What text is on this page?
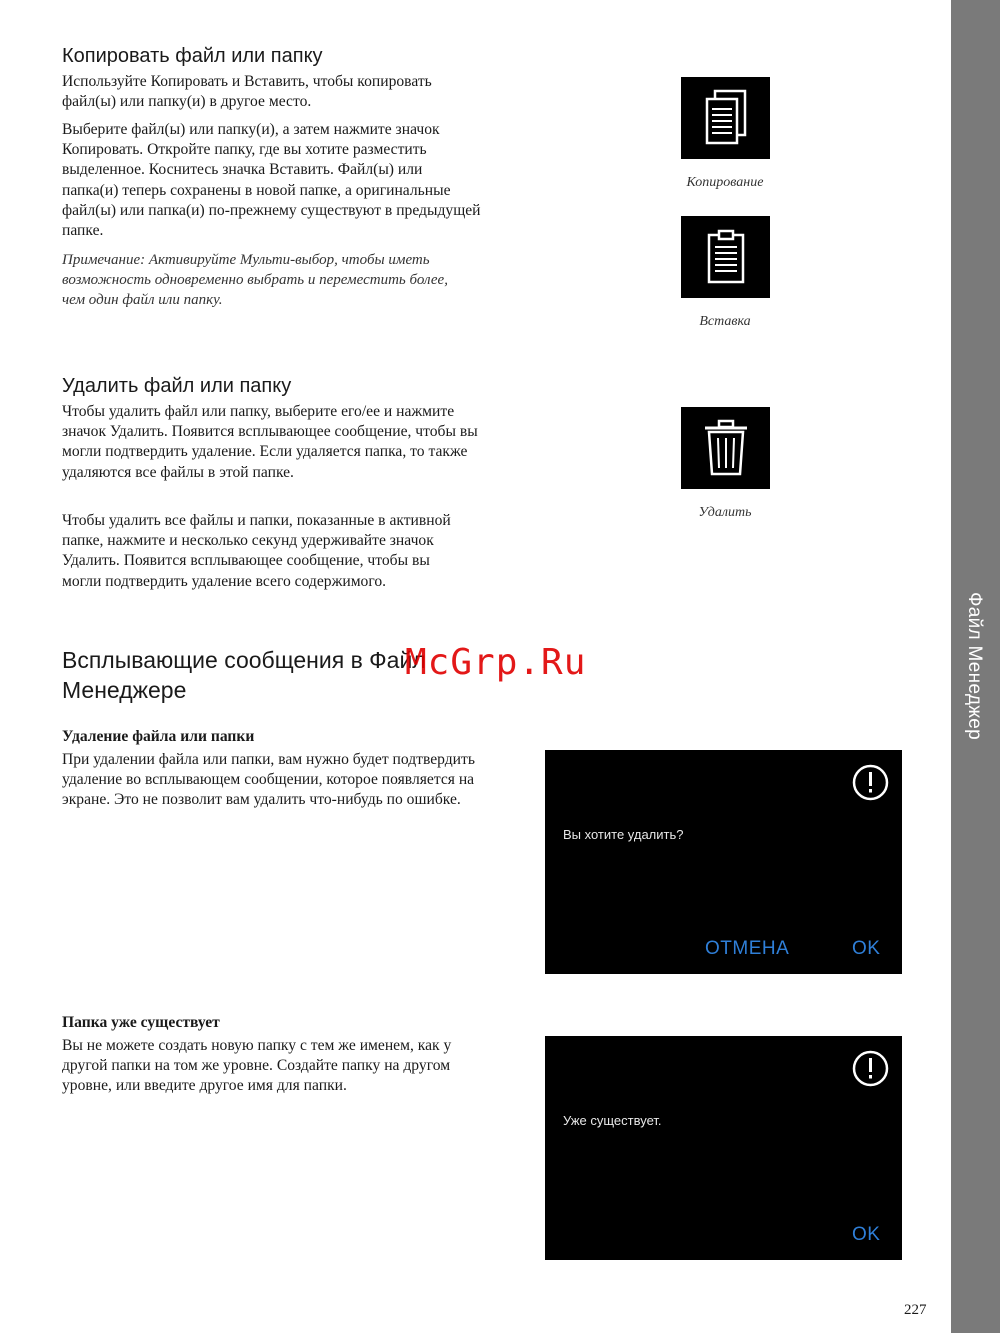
Файл Менеджер
Копировать файл или папку

Используйте Копировать и Вставить, чтобы копировать файл(ы) или папку(и) в другое место.

Выберите файл(ы) или папку(и), а затем нажмите значок Копировать. Откройте папку, где вы хотите разместить выделенное. Коснитесь значка Вставить. Файл(ы) или папка(и) теперь сохранены в новой папке, а оригинальные файл(ы) или папка(и) по-прежнему существуют в предыдущей папке.

Примечание: Активируйте Мульти-выбор, чтобы иметь возможность одновременно выбрать и переместить более, чем один файл или папку.

Копирование
Вставка
Удалить файл или папку

Чтобы удалить файл или папку, выберите его/ее и нажмите значок Удалить. Появится всплывающее сообщение, чтобы вы могли подтвердить удаление. Если удаляется папка, то также удаляются все файлы в этой папке.

Чтобы удалить все файлы и папки, показанные в активной папке, нажмите и несколько секунд удерживайте значок Удалить. Появится всплывающее сообщение, чтобы вы могли подтвердить удаление всего содержимого.

Удалить
Всплывающие сообщения в Файл Менеджере
McGrp.Ru
Удаление файла или папки

При удалении файла или папки, вам нужно будет подтвердить удаление во всплывающем сообщении, которое появляется на экране. Это не позволит вам удалить что-нибудь по ошибке.

Вы хотите удалить?
ОТМЕНА	OK
Папка уже существует

Вы не можете создать новую папку с тем же именем, как у другой папки на том же уровне. Создайте папку на другом уровне, или введите другое имя для папки.

Уже существует.
OK
227
